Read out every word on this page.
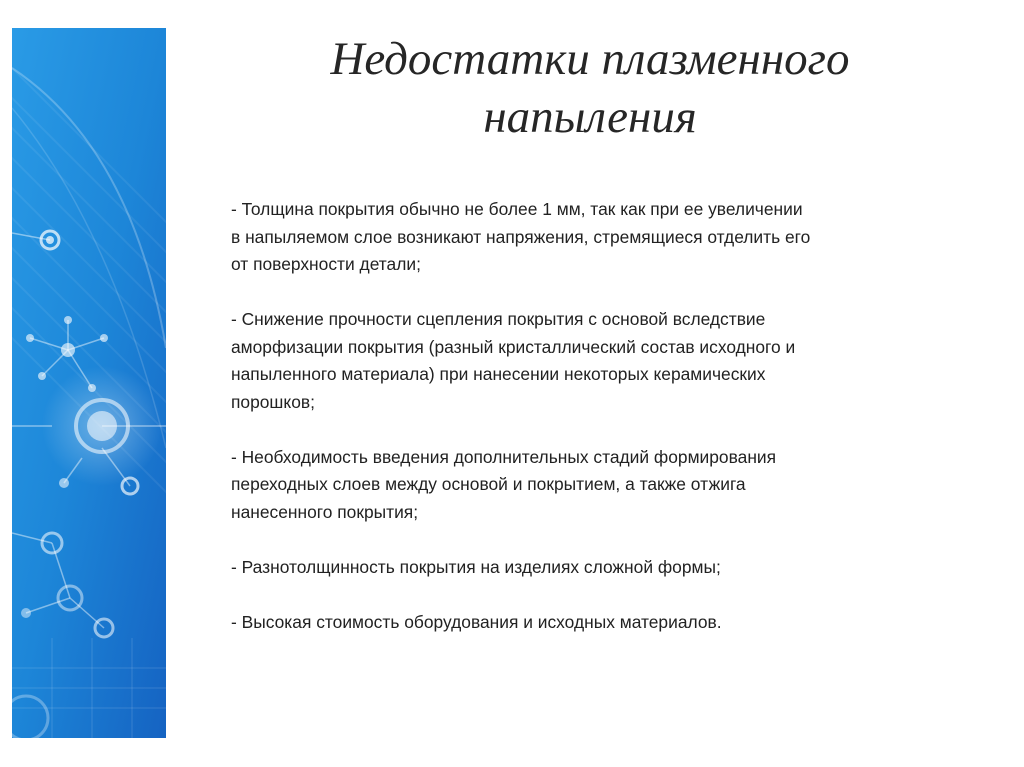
Недостатки плазменного
напыления
- Толщина покрытия обычно не более 1 мм, так как при ее увеличении
в напыляемом слое возникают напряжения, стремящиеся отделить его
от поверхности детали;
- Снижение прочности сцепления покрытия с основой вследствие
аморфизации покрытия (разный кристаллический состав исходного и
напыленного материала) при нанесении некоторых керамических
порошков;
- Необходимость введения дополнительных стадий формирования
переходных слоев между основой и покрытием, а также отжига
нанесенного покрытия;
- Разнотолщинность покрытия на изделиях сложной формы;
- Высокая стоимость оборудования и исходных материалов.
